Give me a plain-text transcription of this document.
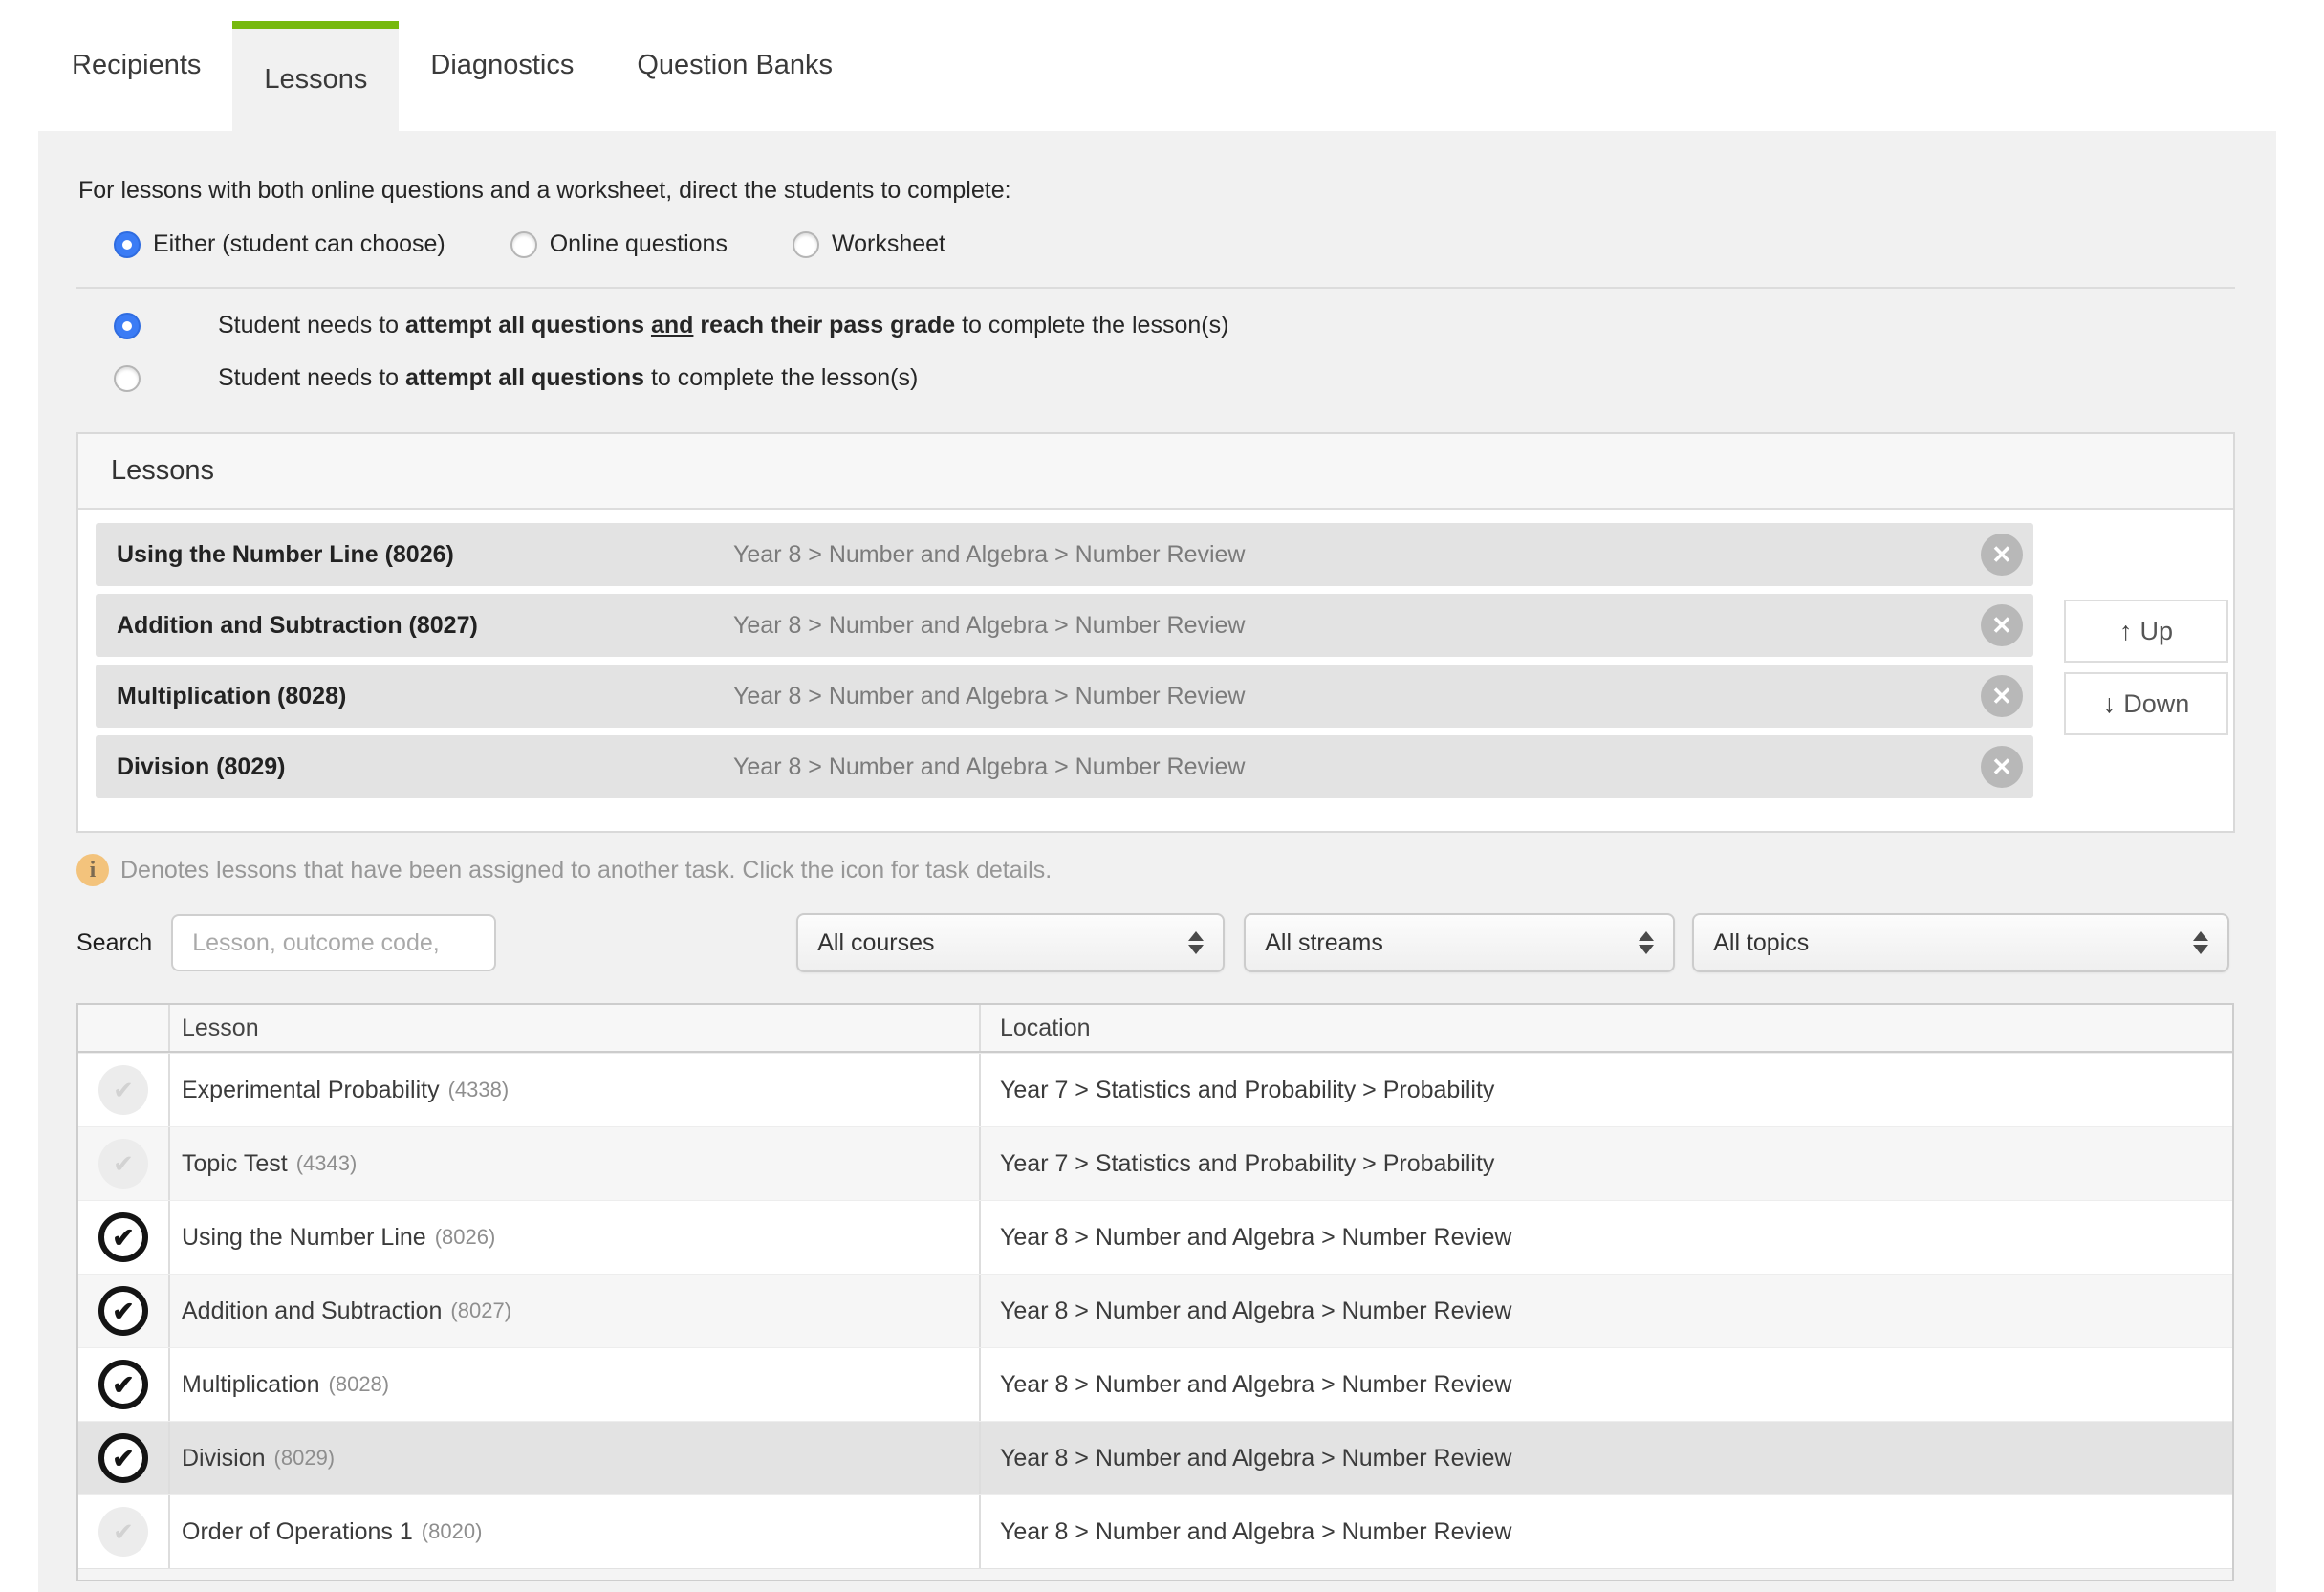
Recipients	Lessons	Diagnostics	Question Banks
For lessons with both online questions and a worksheet, direct the students to complete:
Either (student can choose)	Online questions	Worksheet
Student needs to attempt all questions and reach their pass grade to complete the lesson(s)
Student needs to attempt all questions to complete the lesson(s)
Lessons
Using the Number Line (8026)	Year 8 > Number and Algebra > Number Review	✕
Addition and Subtraction (8027)	Year 8 > Number and Algebra > Number Review	✕
Multiplication (8028)	Year 8 > Number and Algebra > Number Review	✕
Division (8029)	Year 8 > Number and Algebra > Number Review	✕
↑ Up
↓ Down
i	Denotes lessons that have been assigned to another task. Click the icon for task details.
Search
Lesson, outcome code,	All courses	All streams	All topics
Lesson	Location
✔	Experimental Probability (4338)	Year 7 > Statistics and Probability > Probability
✔	Topic Test (4343)	Year 7 > Statistics and Probability > Probability
✔	Using the Number Line (8026)	Year 8 > Number and Algebra > Number Review
✔	Addition and Subtraction (8027)	Year 8 > Number and Algebra > Number Review
✔	Multiplication (8028)	Year 8 > Number and Algebra > Number Review
✔	Division (8029)	Year 8 > Number and Algebra > Number Review
✔	Order of Operations 1 (8020)	Year 8 > Number and Algebra > Number Review
